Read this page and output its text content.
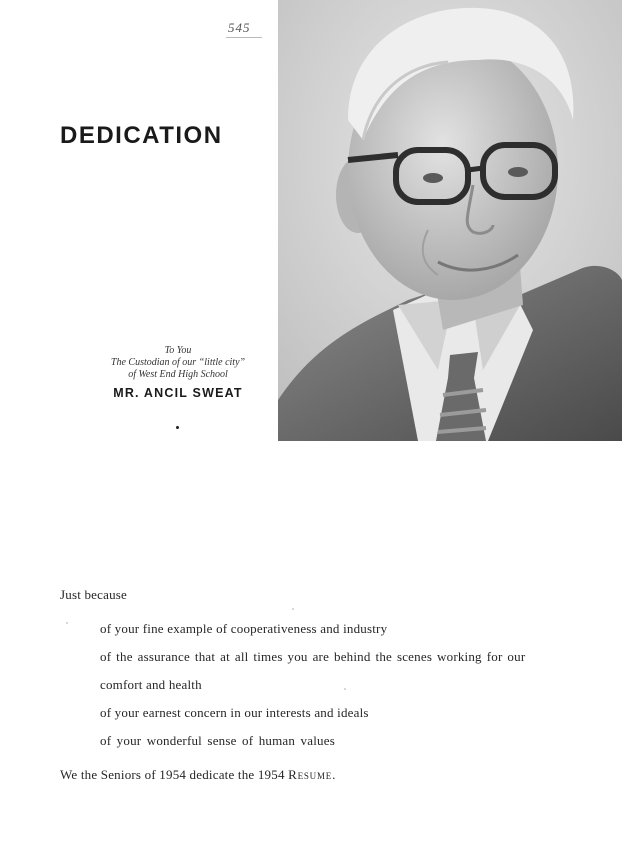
545
DEDICATION
To You
The Custodian of our “little city”
of West End High School
MR. ANCIL SWEAT
Just because
of your fine example of cooperativeness and industry
of the assurance that at all times you are behind the scenes working for our
comfort and health
of your earnest concern in our interests and ideals
of your wonderful sense of human values
We the Seniors of 1954 dedicate the 1954 Resume.
